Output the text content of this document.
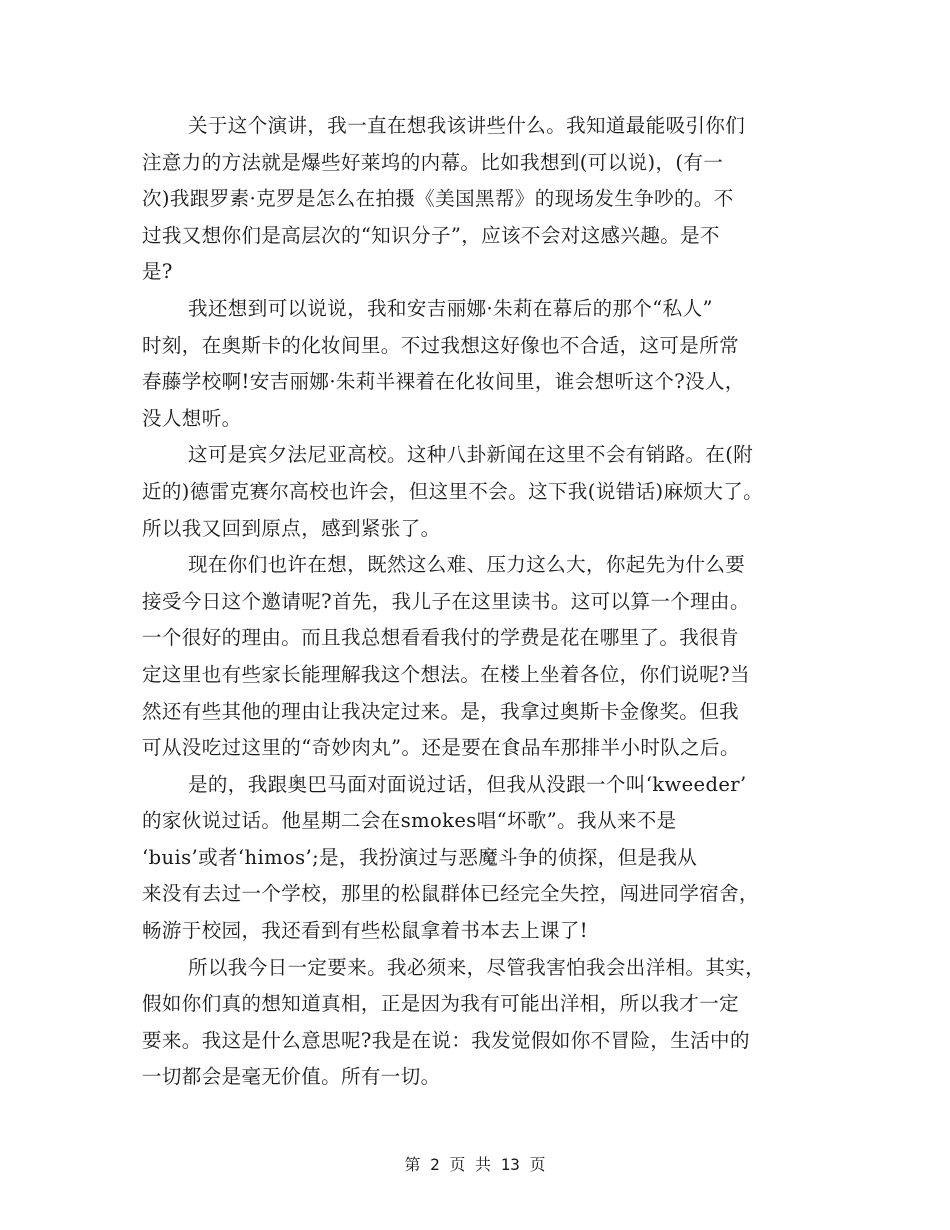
关于这个演讲，我一直在想我该讲些什么。我知道最能吸引你们
注意力的方法就是爆些好莱坞的内幕。比如我想到(可以说)，(有一
次)我跟罗素·克罗是怎么在拍摄《美国黑帮》的现场发生争吵的。不
过我又想你们是高层次的“知识分子”，应该不会对这感兴趣。是不
是?
我还想到可以说说，我和安吉丽娜·朱莉在幕后的那个“私人”
时刻，在奥斯卡的化妆间里。不过我想这好像也不合适，这可是所常
春藤学校啊!安吉丽娜·朱莉半裸着在化妆间里，谁会想听这个?没人，
没人想听。
这可是宾夕法尼亚高校。这种八卦新闻在这里不会有销路。在(附
近的)德雷克赛尔高校也许会，但这里不会。这下我(说错话)麻烦大了。
所以我又回到原点，感到紧张了。
现在你们也许在想，既然这么难、压力这么大，你起先为什么要
接受今日这个邀请呢?首先，我儿子在这里读书。这可以算一个理由。
一个很好的理由。而且我总想看看我付的学费是花在哪里了。我很肯
定这里也有些家长能理解我这个想法。在楼上坐着各位，你们说呢?当
然还有些其他的理由让我决定过来。是，我拿过奥斯卡金像奖。但我
可从没吃过这里的“奇妙肉丸”。还是要在食品车那排半小时队之后。
是的，我跟奥巴马面对面说过话，但我从没跟一个叫‘kweeder’
的家伙说过话。他星期二会在smokes唱“坏歌”。我从来不是
‘buis’或者‘himos’;是，我扮演过与恶魔斗争的侦探，但是我从
来没有去过一个学校，那里的松鼠群体已经完全失控，闯进同学宿舍，
畅游于校园，我还看到有些松鼠拿着书本去上课了!
所以我今日一定要来。我必须来，尽管我害怕我会出洋相。其实，
假如你们真的想知道真相，正是因为我有可能出洋相，所以我才一定
要来。我这是什么意思呢?我是在说：我发觉假如你不冒险，生活中的
一切都会是毫无价值。所有一切。
第 2 页 共 13 页
